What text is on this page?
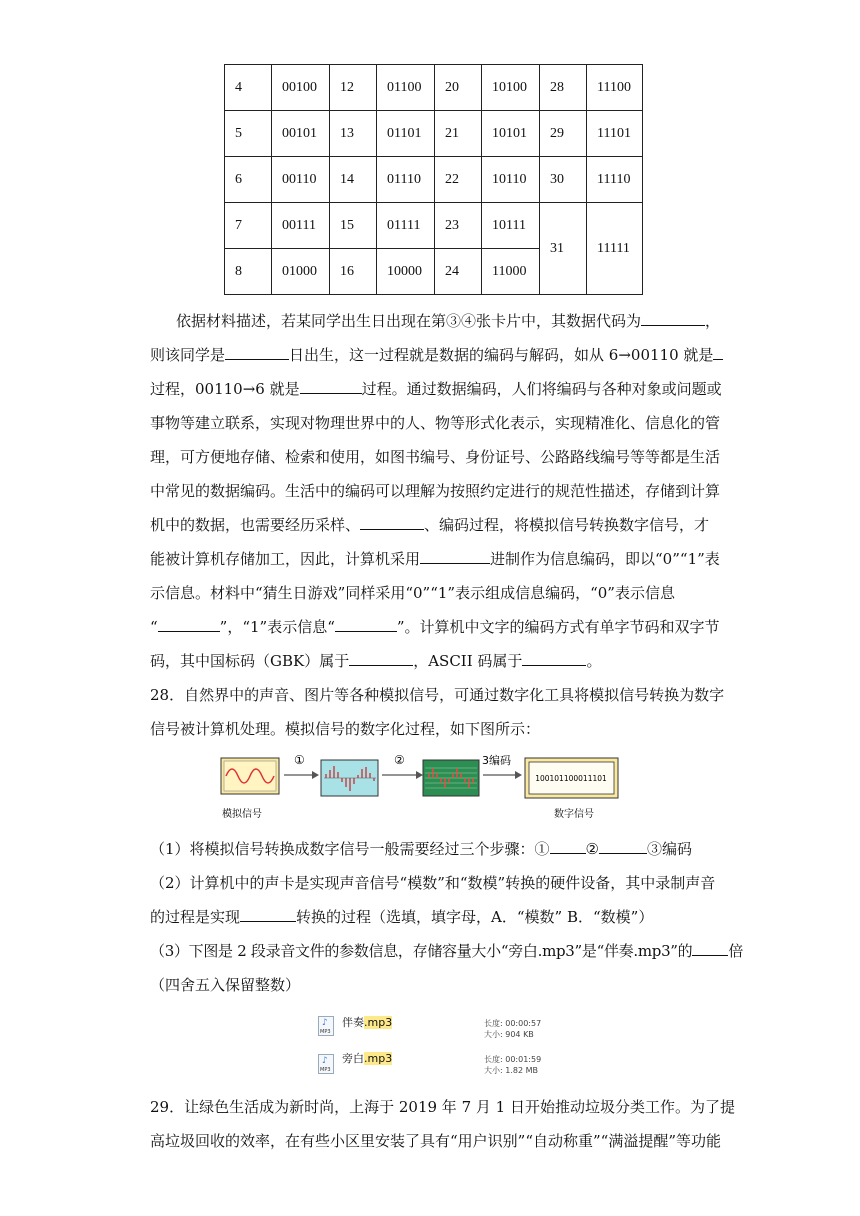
4	00100	12	01100	20	10100	28	11100
5	00101	13	01101	21	10101	29	11101
6	00110	14	01110	22	10110	30	11110
7	00111	15	01111	23	10111	31	11111
8	01000	16	10000	24	11000		
依据材料描述，若某同学出生日出现在第③④张卡片中，其数据代码为	，
则该同学是	日出生，这一过程就是数据的编码与解码，如从 6→00110 就是
过程，00110→6 就是	过程。通过数据编码，人们将编码与各种对象或问题或
事物等建立联系，实现对物理世界中的人、物等形式化表示，实现精准化、信息化的管
理，可方便地存储、检索和使用，如图书编号、身份证号、公路路线编号等等都是生活
中常见的数据编码。生活中的编码可以理解为按照约定进行的规范性描述，存储到计算
机中的数据，也需要经历采样、	、编码过程，将模拟信号转换数字信号，才
能被计算机存储加工，因此，计算机采用	进制作为信息编码，即以“0”“1”表
示信息。材料中“猜生日游戏”同样采用“0”“1”表示组成信息编码，“0”表示信息
“	”，“1”表示信息“	”。计算机中文字的编码方式有单字节码和双字节
码，其中国标码（GBK）属于	，ASCII 码属于	。
28．自然界中的声音、图片等各种模拟信号，可通过数字化工具将模拟信号转换为数字
信号被计算机处理。模拟信号的数字化过程，如下图所示：
①	②	3编码
100101100011101
模拟信号	数字信号
（1）将模拟信号转换成数字信号一般需要经过三个步骤：① ②	③编码
（2）计算机中的声卡是实现声音信号“模数”和“数模”转换的硬件设备，其中录制声音
的过程是实现	转换的过程（选填，填字母，A．“模数” B．“数模”）
（3）下图是 2 段录音文件的参数信息，存储容量大小“旁白.mp3”是“伴奏.mp3”的 倍
（四舍五入保留整数）
♪
MP3
伴奏.mp3	长度: 00:00:57
大小: 904 KB
♪
MP3
旁白.mp3	长度: 00:01:59
大小: 1.82 MB
29．让绿色生活成为新时尚，上海于 2019 年 7 月 1 日开始推动垃圾分类工作。为了提
高垃圾回收的效率，在有些小区里安装了具有“用户识别”“自动称重”“满溢提醒”等功能
